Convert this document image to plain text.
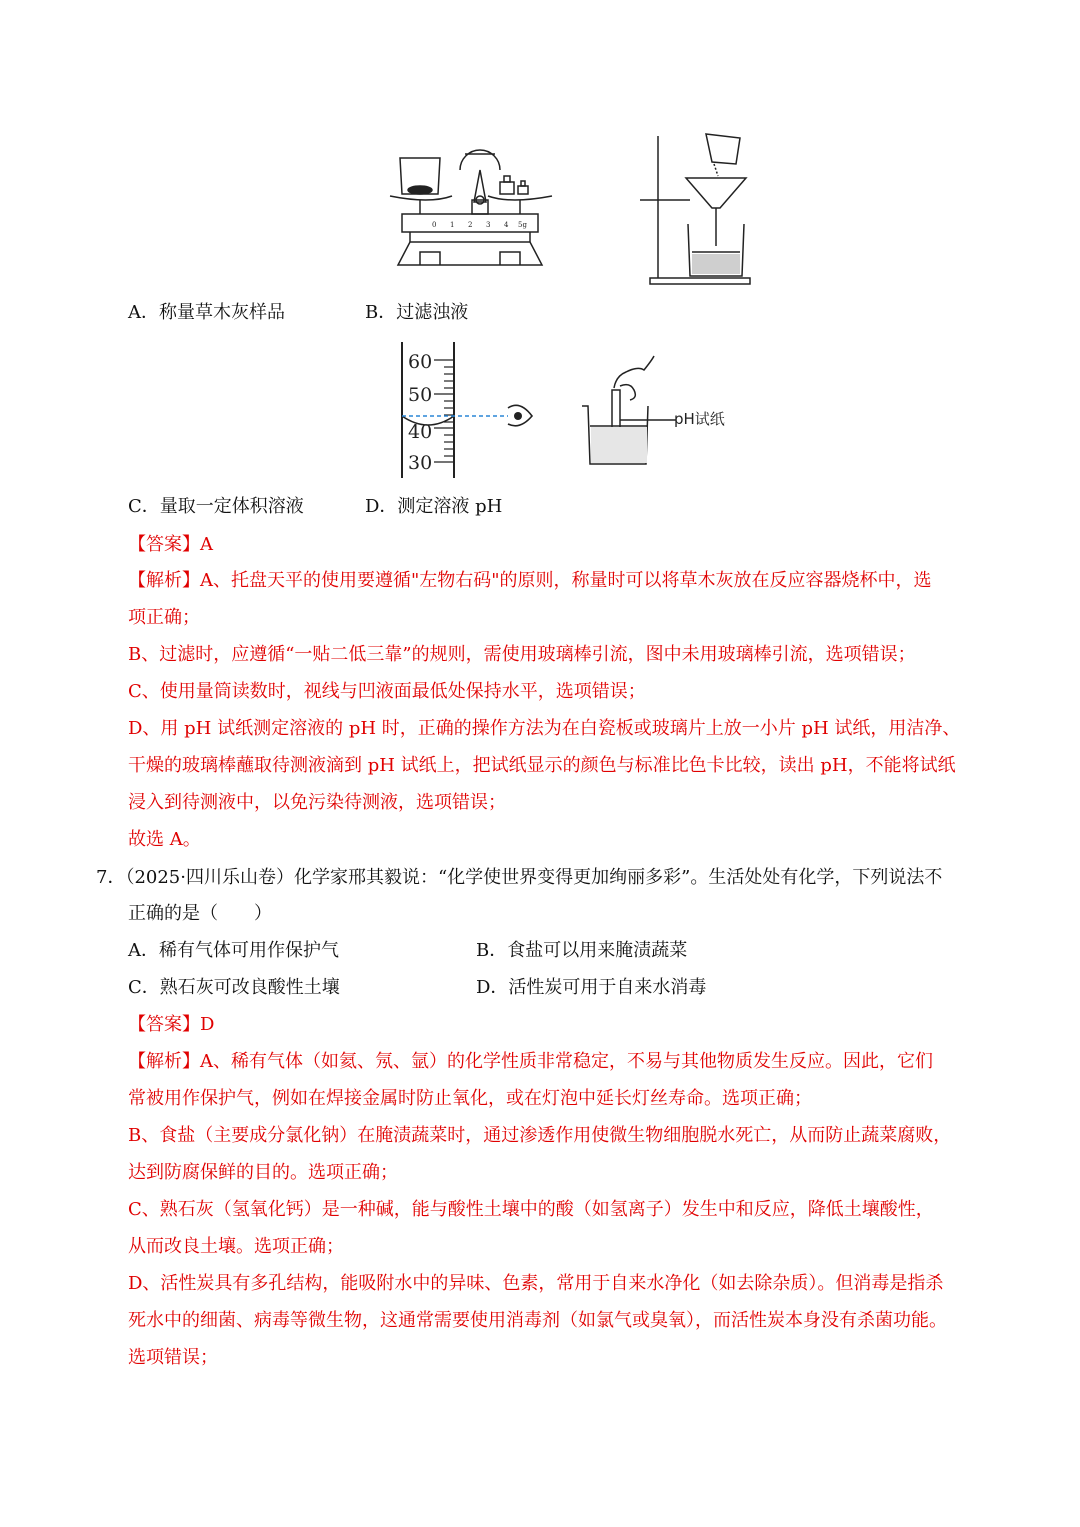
0 1 2 3 4 5g
A．称量草木灰样品	B．过滤浊液
60
50
40
30
pH试纸
C．量取一定体积溶液	D．测定溶液 pH
【答案】A
【解析】A、托盘天平的使用要遵循"左物右码"的原则，称量时可以将草木灰放在反应容器烧杯中，选
项正确；
B、过滤时，应遵循“一贴二低三靠”的规则，需使用玻璃棒引流，图中未用玻璃棒引流，选项错误；
C、使用量筒读数时，视线与凹液面最低处保持水平，选项错误；
D、用 pH 试纸测定溶液的 pH 时，正确的操作方法为在白瓷板或玻璃片上放一小片 pH 试纸，用洁净、
干燥的玻璃棒蘸取待测液滴到 pH 试纸上，把试纸显示的颜色与标准比色卡比较，读出 pH，不能将试纸
浸入到待测液中，以免污染待测液，选项错误；
故选 A。
7．（2025·四川乐山卷）化学家邢其毅说：“化学使世界变得更加绚丽多彩”。生活处处有化学，下列说法不
正确的是（　　）
A．稀有气体可用作保护气	B．食盐可以用来腌渍蔬菜
C．熟石灰可改良酸性土壤	D．活性炭可用于自来水消毒
【答案】D
【解析】A、稀有气体（如氦、氖、氩）的化学性质非常稳定，不易与其他物质发生反应。因此，它们
常被用作保护气，例如在焊接金属时防止氧化，或在灯泡中延长灯丝寿命。选项正确；
B、食盐（主要成分氯化钠）在腌渍蔬菜时，通过渗透作用使微生物细胞脱水死亡，从而防止蔬菜腐败，
达到防腐保鲜的目的。选项正确；
C、熟石灰（氢氧化钙）是一种碱，能与酸性土壤中的酸（如氢离子）发生中和反应，降低土壤酸性，
从而改良土壤。选项正确；
D、活性炭具有多孔结构，能吸附水中的异味、色素，常用于自来水净化（如去除杂质）。但消毒是指杀
死水中的细菌、病毒等微生物，这通常需要使用消毒剂（如氯气或臭氧），而活性炭本身没有杀菌功能。
选项错误；
